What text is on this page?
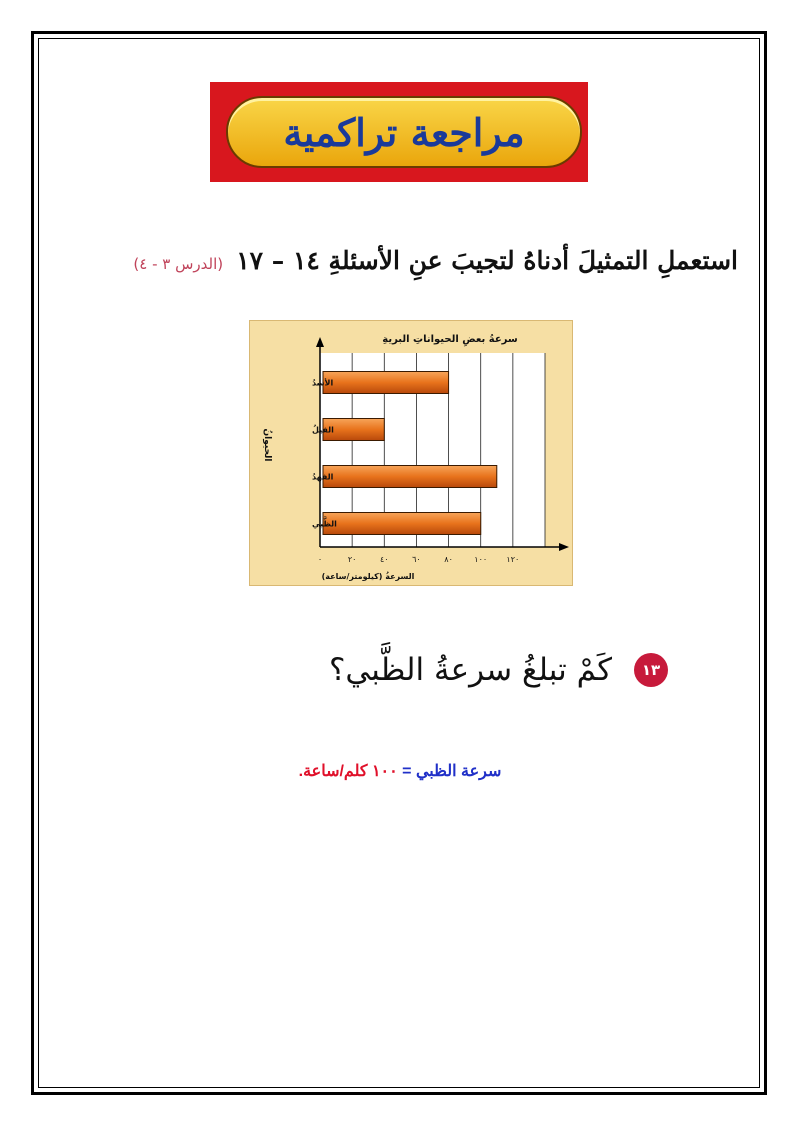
مراجعة تراكمية
استعملِ التمثيلَ أدناهُ لتجيبَ عنِ الأسئلةِ ١٤ – ١٧ (الدرس ٣ - ٤)
سرعةُ بعضِ الحيواناتِ البريةِ
السرعةُ (كيلومتر/ساعة)
الحيوانُ
الأسدُ
الفيلُ
الفهدُ
الظَّبي
٠	٢٠	٤٠	٦٠	٨٠	١٠٠ ١٢٠
١٣
كَمْ تبلغُ سرعةُ الظَّبي؟
سرعة الظبي = ١٠٠ كلم/ساعة.
